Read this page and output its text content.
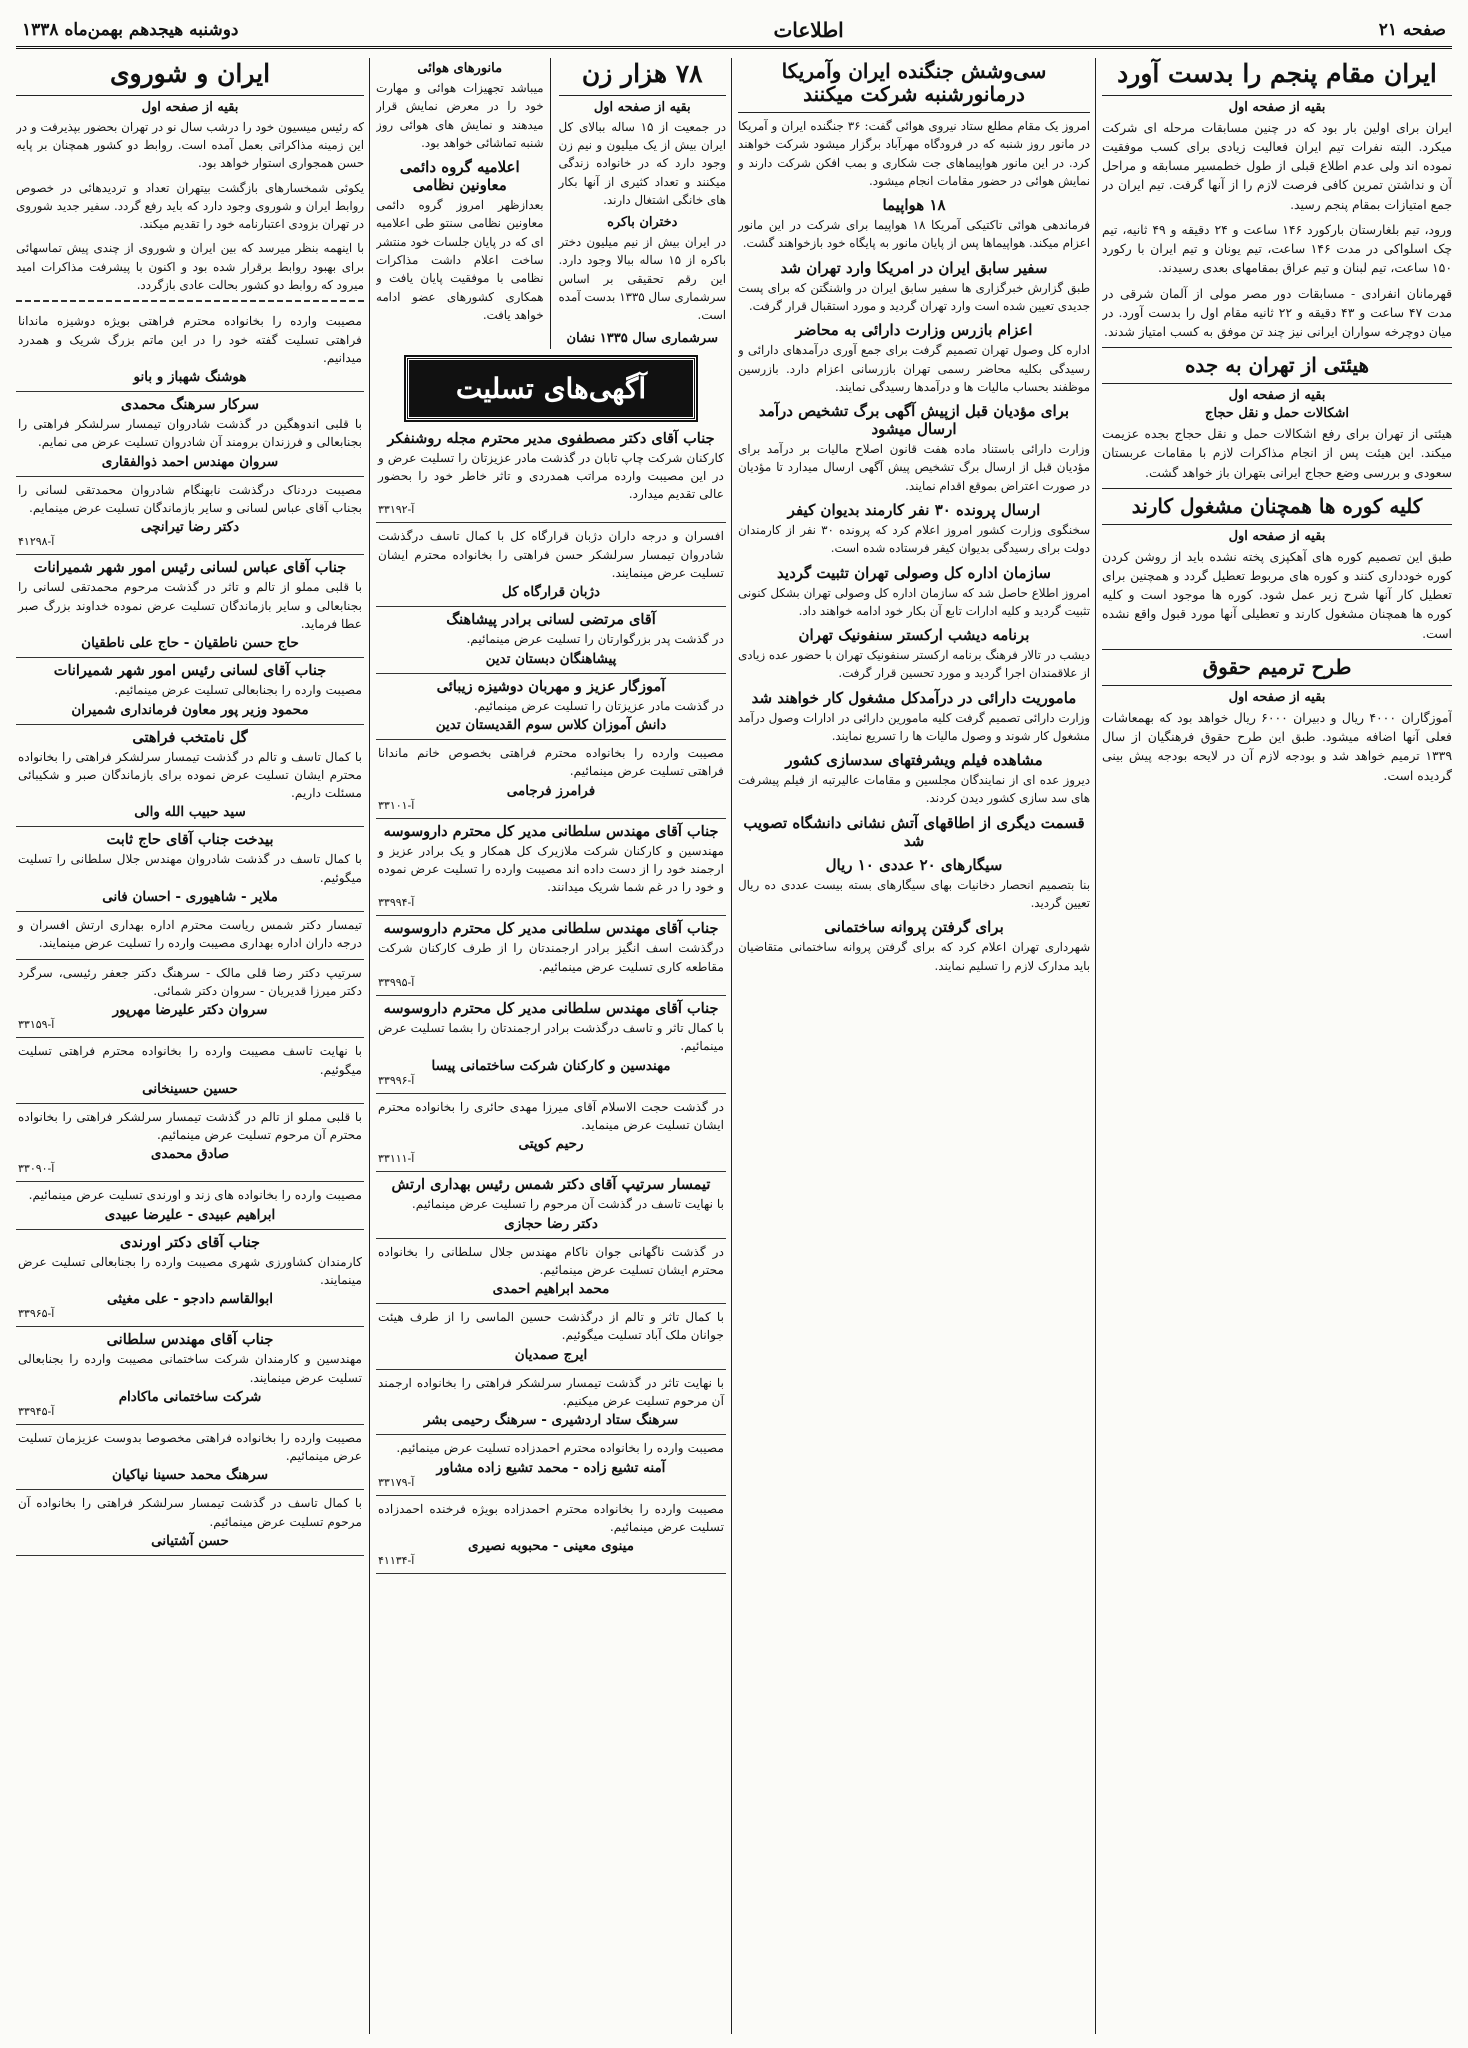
صفحه ۲۱
اطلاعات
دوشنبه هیجدهم بهمن‌ماه ۱۳۳۸
ایران مقام پنجم را بدست آورد
بقیه از صفحه اول

ایران برای اولین بار بود که در چنین مسابقات مرحله ای شرکت میکرد. البته نفرات تیم ایران فعالیت زیادی برای کسب موفقیت نموده اند ولی عدم اطلاع قبلی از طول خطمسیر مسابقه و مراحل آن و نداشتن تمرین کافی فرصت لازم را از آنها گرفت. تیم ایران در جمع امتیازات بمقام پنجم رسید.

ورود، تیم بلغارستان بارکورد ۱۴۶ ساعت و ۲۴ دقیقه و ۴۹ ثانیه، تیم چک اسلواکی در مدت ۱۴۶ ساعت، تیم یونان و تیم ایران با رکورد ۱۵۰ ساعت، تیم لبنان و تیم عراق بمقامهای بعدی رسیدند.

قهرمانان انفرادی - مسابقات دور مصر مولی از آلمان شرقی در مدت ۴۷ ساعت و ۴۳ دقیقه و ۲۲ ثانیه مقام اول را بدست آورد. در میان دوچرخه سواران ایرانی نیز چند تن موفق به کسب امتیاز شدند.

هیئتی از تهران به جده
بقیه از صفحه اول
اشکالات حمل و نقل حجاج

هیئتی از تهران برای رفع اشکالات حمل و نقل حجاج بجده عزیمت میکند. این هیئت پس از انجام مذاکرات لازم با مقامات عربستان سعودی و بررسی وضع حجاج ایرانی بتهران باز خواهد گشت.

کلیه کوره ها همچنان مشغول کارند
بقیه از صفحه اول

طبق این تصمیم کوره های آهکپزی پخته نشده باید از روشن کردن کوره خودداری کنند و کوره های مربوط تعطیل گردد و همچنین برای تعطیل کار آنها شرح زیر عمل شود. کوره ها موجود است و کلیه کوره ها همچنان مشغول کارند و تعطیلی آنها مورد قبول واقع نشده است.

طرح ترمیم حقوق
بقیه از صفحه اول

آموزگاران ۴۰۰۰ ریال و دبیران ۶۰۰۰ ریال خواهد بود که بهمعاشات فعلی آنها اضافه میشود. طبق این طرح حقوق فرهنگیان از سال ۱۳۳۹ ترمیم خواهد شد و بودجه لازم آن در لایحه بودجه پیش بینی گردیده است.

سی‌وشش جنگنده ایران وآمریکا درمانورشنبه شرکت میکنند

امروز یک مقام مطلع ستاد نیروی هوائی گفت: ۳۶ جنگنده ایران و آمریکا در مانور روز شنبه که در فرودگاه مهرآباد برگزار میشود شرکت خواهند کرد. در این مانور هواپیماهای جت شکاری و بمب افکن شرکت دارند و نمایش هوائی در حضور مقامات انجام میشود.

۱۸ هواپیما

فرماندهی هوائی تاکتیکی آمریکا ۱۸ هواپیما برای شرکت در این مانور اعزام میکند. هواپیماها پس از پایان مانور به پایگاه خود بازخواهند گشت.

سفیر سابق ایران در امریکا وارد تهران شد

طبق گزارش خبرگزاری ها سفیر سابق ایران در واشنگتن که برای پست جدیدی تعیین شده است وارد تهران گردید و مورد استقبال قرار گرفت.

اعزام بازرس وزارت دارائی به محاضر

اداره کل وصول تهران تصمیم گرفت برای جمع آوری درآمدهای دارائی و رسیدگی بکلیه محاضر رسمی تهران بازرسانی اعزام دارد. بازرسین موظفند بحساب مالیات ها و درآمدها رسیدگی نمایند.

برای مؤدیان قبل ازپیش آگهی برگ تشخیص درآمد ارسال میشود

وزارت دارائی باستناد ماده هفت قانون اصلاح مالیات بر درآمد برای مؤدیان قبل از ارسال برگ تشخیص پیش آگهی ارسال میدارد تا مؤدیان در صورت اعتراض بموقع اقدام نمایند.

ارسال پرونده ۳۰ نفر کارمند بدیوان کیفر

سخنگوی وزارت کشور امروز اعلام کرد که پرونده ۳۰ نفر از کارمندان دولت برای رسیدگی بدیوان کیفر فرستاده شده است.

سازمان اداره کل وصولی تهران تثبیت گردید

امروز اطلاع حاصل شد که سازمان اداره کل وصولی تهران بشکل کنونی تثبیت گردید و کلیه ادارات تابع آن بکار خود ادامه خواهند داد.

برنامه دیشب ارکستر سنفونیک تهران

دیشب در تالار فرهنگ برنامه ارکستر سنفونیک تهران با حضور عده زیادی از علاقمندان اجرا گردید و مورد تحسین قرار گرفت.

ماموریت دارائی در درآمدکل مشغول کار خواهند شد

وزارت دارائی تصمیم گرفت کلیه مامورین دارائی در ادارات وصول درآمد مشغول کار شوند و وصول مالیات ها را تسریع نمایند.

مشاهده فیلم ویشرفتهای سدسازی کشور

دیروز عده ای از نمایندگان مجلسین و مقامات عالیرتبه از فیلم پیشرفت های سد سازی کشور دیدن کردند.

قسمت دیگری از اطاقهای آتش نشانی دانشگاه تصویب شد
سیگارهای ۲۰ عددی ۱۰ ریال

بنا بتصمیم انحصار دخانیات بهای سیگارهای بسته بیست عددی ده ریال تعیین گردید.

برای گرفتن پروانه ساختمانی

شهرداری تهران اعلام کرد که برای گرفتن پروانه ساختمانی متقاضیان باید مدارک لازم را تسلیم نمایند.

۷۸ هزار زن
بقیه از صفحه اول

در جمعیت از ۱۵ ساله ببالای کل ایران بیش از یک میلیون و نیم زن وجود دارد که در خانواده زندگی میکنند و تعداد کثیری از آنها بکار های خانگی اشتغال دارند.

دختران باکره

در ایران بیش از نیم میلیون دختر باکره از ۱۵ ساله ببالا وجود دارد. این رقم تحقیقی بر اساس سرشماری سال ۱۳۳۵ بدست آمده است.

سرشماری سال ۱۳۳۵ نشان
مانورهای هوائی

میباشد تجهیزات هوائی و مهارت خود را در معرض نمایش قرار میدهند و نمایش های هوائی روز شنبه تماشائی خواهد بود.

اعلامیه گروه دائمی معاونین نظامی

بعدازظهر امروز گروه دائمی معاونین نظامی سنتو طی اعلامیه ای که در پایان جلسات خود منتشر ساخت اعلام داشت مذاکرات نظامی با موفقیت پایان یافت و همکاری کشورهای عضو ادامه خواهد یافت.

آگهی‌های تسلیت
جناب آقای دکتر مصطفوی مدیر محترم مجله روشنفکر
کارکنان شرکت چاپ تابان در گذشت مادر عزیزتان را تسلیت عرض و در این مصیبت وارده مراتب همدردی و تاثر خاطر خود را بحضور عالی تقدیم میدارد.
آ-۳۳۱۹۲
افسران و درجه داران دژبان قرارگاه کل با کمال تاسف درگذشت شادروان تیمسار سرلشکر حسن فراهتی را بخانواده محترم ایشان تسلیت عرض مینمایند.
دژبان قرارگاه کل
آقای مرتضی لسانی برادر پیشاهنگ
در گذشت پدر بزرگوارتان را تسلیت عرض مینمائیم.
پیشاهنگان دبستان تدین
آموزگار عزیز و مهربان دوشیزه زیبائی
در گذشت مادر عزیزتان را تسلیت عرض مینمائیم.
دانش آموزان کلاس سوم القدیستان تدین
مصیبت وارده را بخانواده محترم فراهتی بخصوص خانم ماندانا فراهتی تسلیت عرض مینمائیم.
فرامرز فرجامی
آ-۳۳۱۰۱
جناب آقای مهندس سلطانی مدیر کل محترم داروسوسه
مهندسین و کارکنان شرکت ملازیرک کل همکار و یک برادر عزیز و ارجمند خود را از دست داده اند مصیبت وارده را تسلیت عرض نموده و خود را در غم شما شریک میدانند.
آ-۳۳۹۹۴
جناب آقای مهندس سلطانی مدیر کل محترم داروسوسه
درگذشت اسف انگیز برادر ارجمندتان را از طرف کارکنان شرکت مقاطعه کاری تسلیت عرض مینمائیم.
آ-۳۳۹۹۵
جناب آقای مهندس سلطانی مدیر کل محترم داروسوسه
با کمال تاثر و تاسف درگذشت برادر ارجمندتان را بشما تسلیت عرض مینمائیم.
مهندسین و کارکنان شرکت ساختمانی پیسا
آ-۳۳۹۹۶
در گذشت حجت الاسلام آقای میرزا مهدی حائری را بخانواده محترم ایشان تسلیت عرض مینماید.
رحیم کوپتی
آ-۳۳۱۱۱
تیمسار سرتیپ آقای دکتر شمس رئیس بهداری ارتش
با نهایت تاسف در گذشت آن مرحوم را تسلیت عرض مینمائیم.
دکتر رضا حجازی
در گذشت ناگهانی جوان ناکام مهندس جلال سلطانی را بخانواده محترم ایشان تسلیت عرض مینمائیم.
محمد ابراهیم احمدی
با کمال تاثر و تالم از درگذشت حسین الماسی را از طرف هیئت جوانان ملک آباد تسلیت میگوئیم.
ایرج صمدیان
با نهایت تاثر در گذشت تیمسار سرلشکر فراهتی را بخانواده ارجمند آن مرحوم تسلیت عرض میکنیم.
سرهنگ ستاد اردشیری - سرهنگ رحیمی بشر
مصیبت وارده را بخانواده محترم احمدزاده تسلیت عرض مینمائیم.
آمنه تشیع زاده - محمد تشیع زاده مشاور
آ-۳۳۱۷۹
مصیبت وارده را بخانواده محترم احمدزاده بویژه فرخنده احمدزاده تسلیت عرض مینمائیم.
مینوی معینی - محبوبه نصیری
آ-۴۱۱۳۴
ایران و شوروی
بقیه از صفحه اول

که رئیس میسیون خود را درشب سال نو در تهران بحضور بپذیرفت و در این زمینه مذاکراتی بعمل آمده است. روابط دو کشور همچنان بر پایه حسن همجواری استوار خواهد بود.

یکوئی شمخسارهای بازگشت بیتهران تعداد و تردیدهائی در خصوص روابط ایران و شوروی وجود دارد که باید رفع گردد. سفیر جدید شوروی در تهران بزودی اعتبارنامه خود را تقدیم میکند.

با اینهمه بنظر میرسد که بین ایران و شوروی از چندی پیش تماسهائی برای بهبود روابط برقرار شده بود و اکنون با پیشرفت مذاکرات امید میرود که روابط دو کشور بحالت عادی بازگردد.

مصیبت وارده را بخانواده محترم فراهتی بویژه دوشیزه ماندانا فراهتی تسلیت گفته خود را در این ماتم بزرگ شریک و همدرد میدانیم.
هوشنگ شهباز و بانو
سرکار سرهنگ محمدی
با قلبی اندوهگین در گذشت شادروان تیمسار سرلشکر فراهتی را بجنابعالی و فرزندان برومند آن شادروان تسلیت عرض می نمایم.
سروان مهندس احمد ذوالفقاری
مصیبت دردناک درگذشت نابهنگام شادروان محمدتقی لسانی را بجناب آقای عباس لسانی و سایر بازماندگان تسلیت عرض مینمایم.
دکتر رضا تیرانچی
آ-۴۱۲۹۸
جناب آقای عباس لسانی رئیس امور شهر شمیرانات
با قلبی مملو از تالم و تاثر در گذشت مرحوم محمدتقی لسانی را بجنابعالی و سایر بازماندگان تسلیت عرض نموده خداوند بزرگ صبر عطا فرماید.
حاج حسن ناطقیان - حاج علی ناطقیان
جناب آقای لسانی رئیس امور شهر شمیرانات
مصیبت وارده را بجنابعالی تسلیت عرض مینمائیم.
محمود وزیر پور معاون فرمانداری شمیران
گل نامتخب فراهتی
با کمال تاسف و تالم در گذشت تیمسار سرلشکر فراهتی را بخانواده محترم ایشان تسلیت عرض نموده برای بازماندگان صبر و شکیبائی مسئلت داریم.
سید حبیب الله والی
بیدخت جناب آقای حاج ثابت
با کمال تاسف در گذشت شادروان مهندس جلال سلطانی را تسلیت میگوئیم.
ملایر - شاهیوری - احسان فانی
تیمسار دکتر شمس ریاست محترم اداره بهداری ارتش افسران و درجه داران اداره بهداری مصیبت وارده را تسلیت عرض مینمایند.
سرتیپ دکتر رضا قلی مالک - سرهنگ دکتر جعفر رئیسی، سرگرد دکتر میرزا قدیریان - سروان دکتر شمائی.
سروان دکتر علیرضا مهرپور
آ-۳۳۱۵۹
با نهایت تاسف مصیبت وارده را بخانواده محترم فراهتی تسلیت میگوئیم.
حسین حسینخانی
با قلبی مملو از تالم در گذشت تیمسار سرلشکر فراهتی را بخانواده محترم آن مرحوم تسلیت عرض مینمائیم.
صادق محمدی
آ-۳۳۰۹۰
مصیبت وارده را بخانواده های زند و اورندی تسلیت عرض مینمائیم.
ابراهیم عبیدی - علیرضا عبیدی
جناب آقای دکتر اورندی
کارمندان کشاورزی شهری مصیبت وارده را بجنابعالی تسلیت عرض مینمایند.
ابوالقاسم دادجو - علی مغیثی
آ-۳۳۹۶۵
جناب آقای مهندس سلطانی
مهندسین و کارمندان شرکت ساختمانی مصیبت وارده را بجنابعالی تسلیت عرض مینمایند.
شرکت ساختمانی ماکادام
آ-۳۳۹۴۵
مصیبت وارده را بخانواده فراهتی مخصوصا بدوست عزیزمان تسلیت عرض مینمائیم.
سرهنگ محمد حسینا نیاکیان
با کمال تاسف در گذشت تیمسار سرلشکر فراهتی را بخانواده آن مرحوم تسلیت عرض مینمائیم.
حسن آشتیانی
